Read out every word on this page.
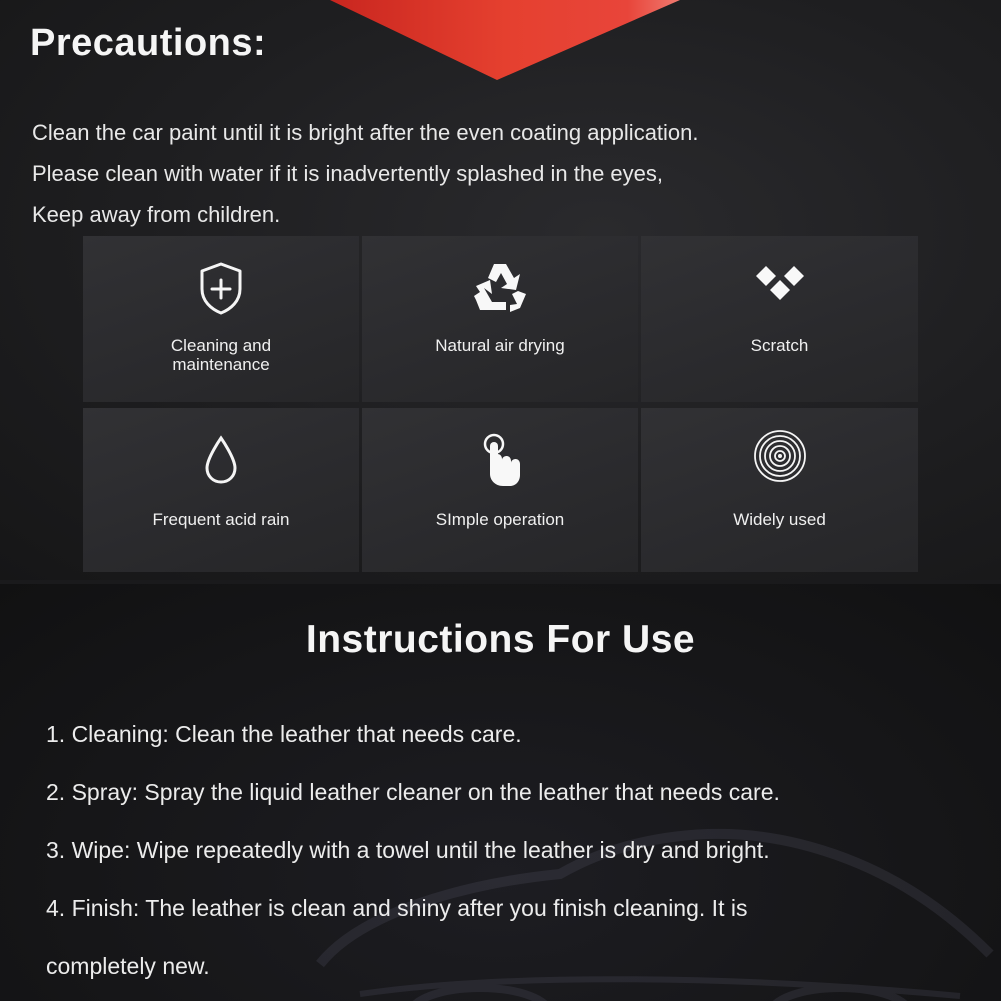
Precautions:
Clean the car paint until it is bright after the even coating application.
Please clean with water if it is inadvertently splashed in the eyes,
Keep away from children.
Cleaning and
maintenance
Natural air drying	Scratch
Frequent acid rain	SImple operation	Widely used
Instructions For Use
1. Cleaning: Clean the leather that needs care.
2. Spray: Spray the liquid leather cleaner on the leather that needs care.
3. Wipe: Wipe repeatedly with a towel until the leather is dry and bright.
4. Finish: The leather is clean and shiny after you finish cleaning. It is
completely new.
